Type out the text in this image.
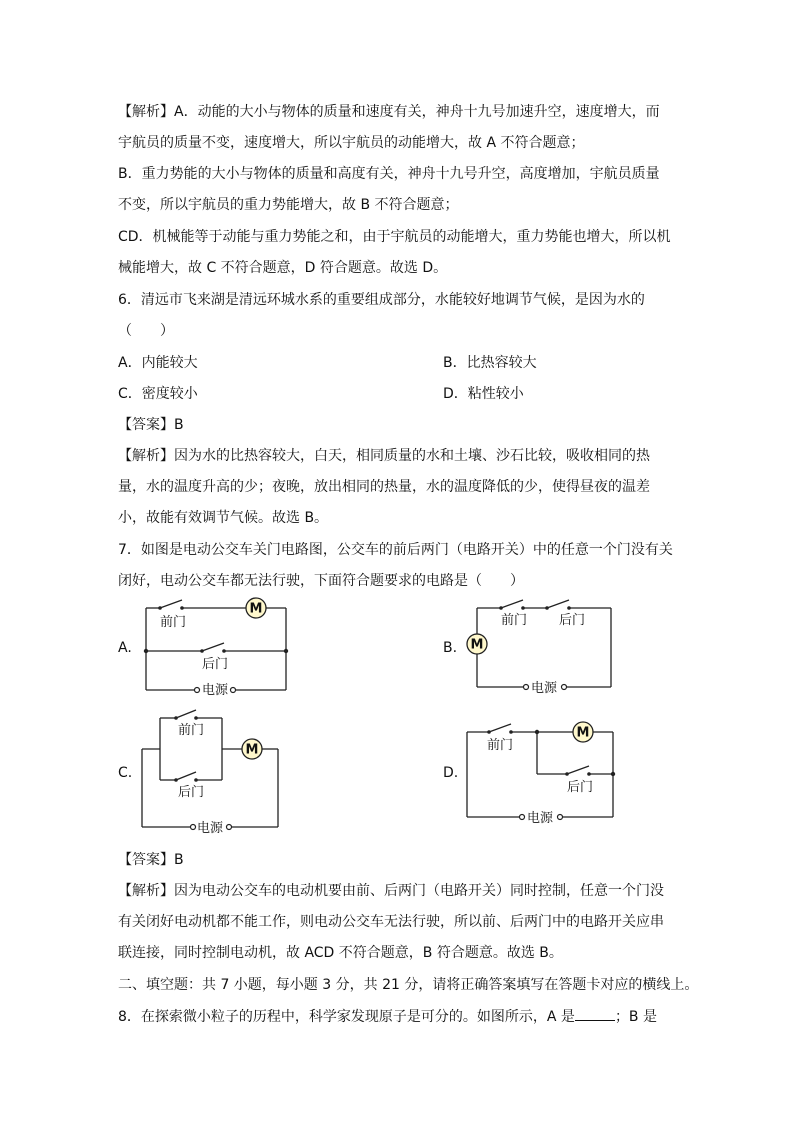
【解析】A．动能的大小与物体的质量和速度有关，神舟十九号加速升空，速度增大，而
宇航员的质量不变，速度增大，所以宇航员的动能增大，故 A 不符合题意；
B．重力势能的大小与物体的质量和高度有关，神舟十九号升空，高度增加，宇航员质量
不变，所以宇航员的重力势能增大，故 B 不符合题意；
CD．机械能等于动能与重力势能之和，由于宇航员的动能增大，重力势能也增大，所以机
械能增大，故 C 不符合题意，D 符合题意。故选 D。
6．清远市飞来湖是清远环城水系的重要组成部分，水能较好地调节气候，是因为水的
（　　）
A．内能较大	B．比热容较大
C．密度较小	D．粘性较小
【答案】B
【解析】因为水的比热容较大，白天，相同质量的水和土壤、沙石比较，吸收相同的热
量，水的温度升高的少；夜晚，放出相同的热量，水的温度降低的少，使得昼夜的温差
小，故能有效调节气候。故选 B。
7．如图是电动公交车关门电路图，公交车的前后两门（电路开关）中的任意一个门没有关
闭好，电动公交车都无法行驶，下面符合题要求的电路是（　　）
A.
M
前门
后门
电源
B. M
前门 后门
电源
C.
M
前门
后门
电源
D.
M
前门
后门
电源
【答案】B
【解析】因为电动公交车的电动机要由前、后两门（电路开关）同时控制，任意一个门没
有关闭好电动机都不能工作，则电动公交车无法行驶，所以前、后两门中的电路开关应串
联连接，同时控制电动机，故 ACD 不符合题意，B 符合题意。故选 B。
二、填空题：共 7 小题，每小题 3 分，共 21 分，请将正确答案填写在答题卡对应的横线上。
8．在探索微小粒子的历程中，科学家发现原子是可分的。如图所示，A 是	；B 是
